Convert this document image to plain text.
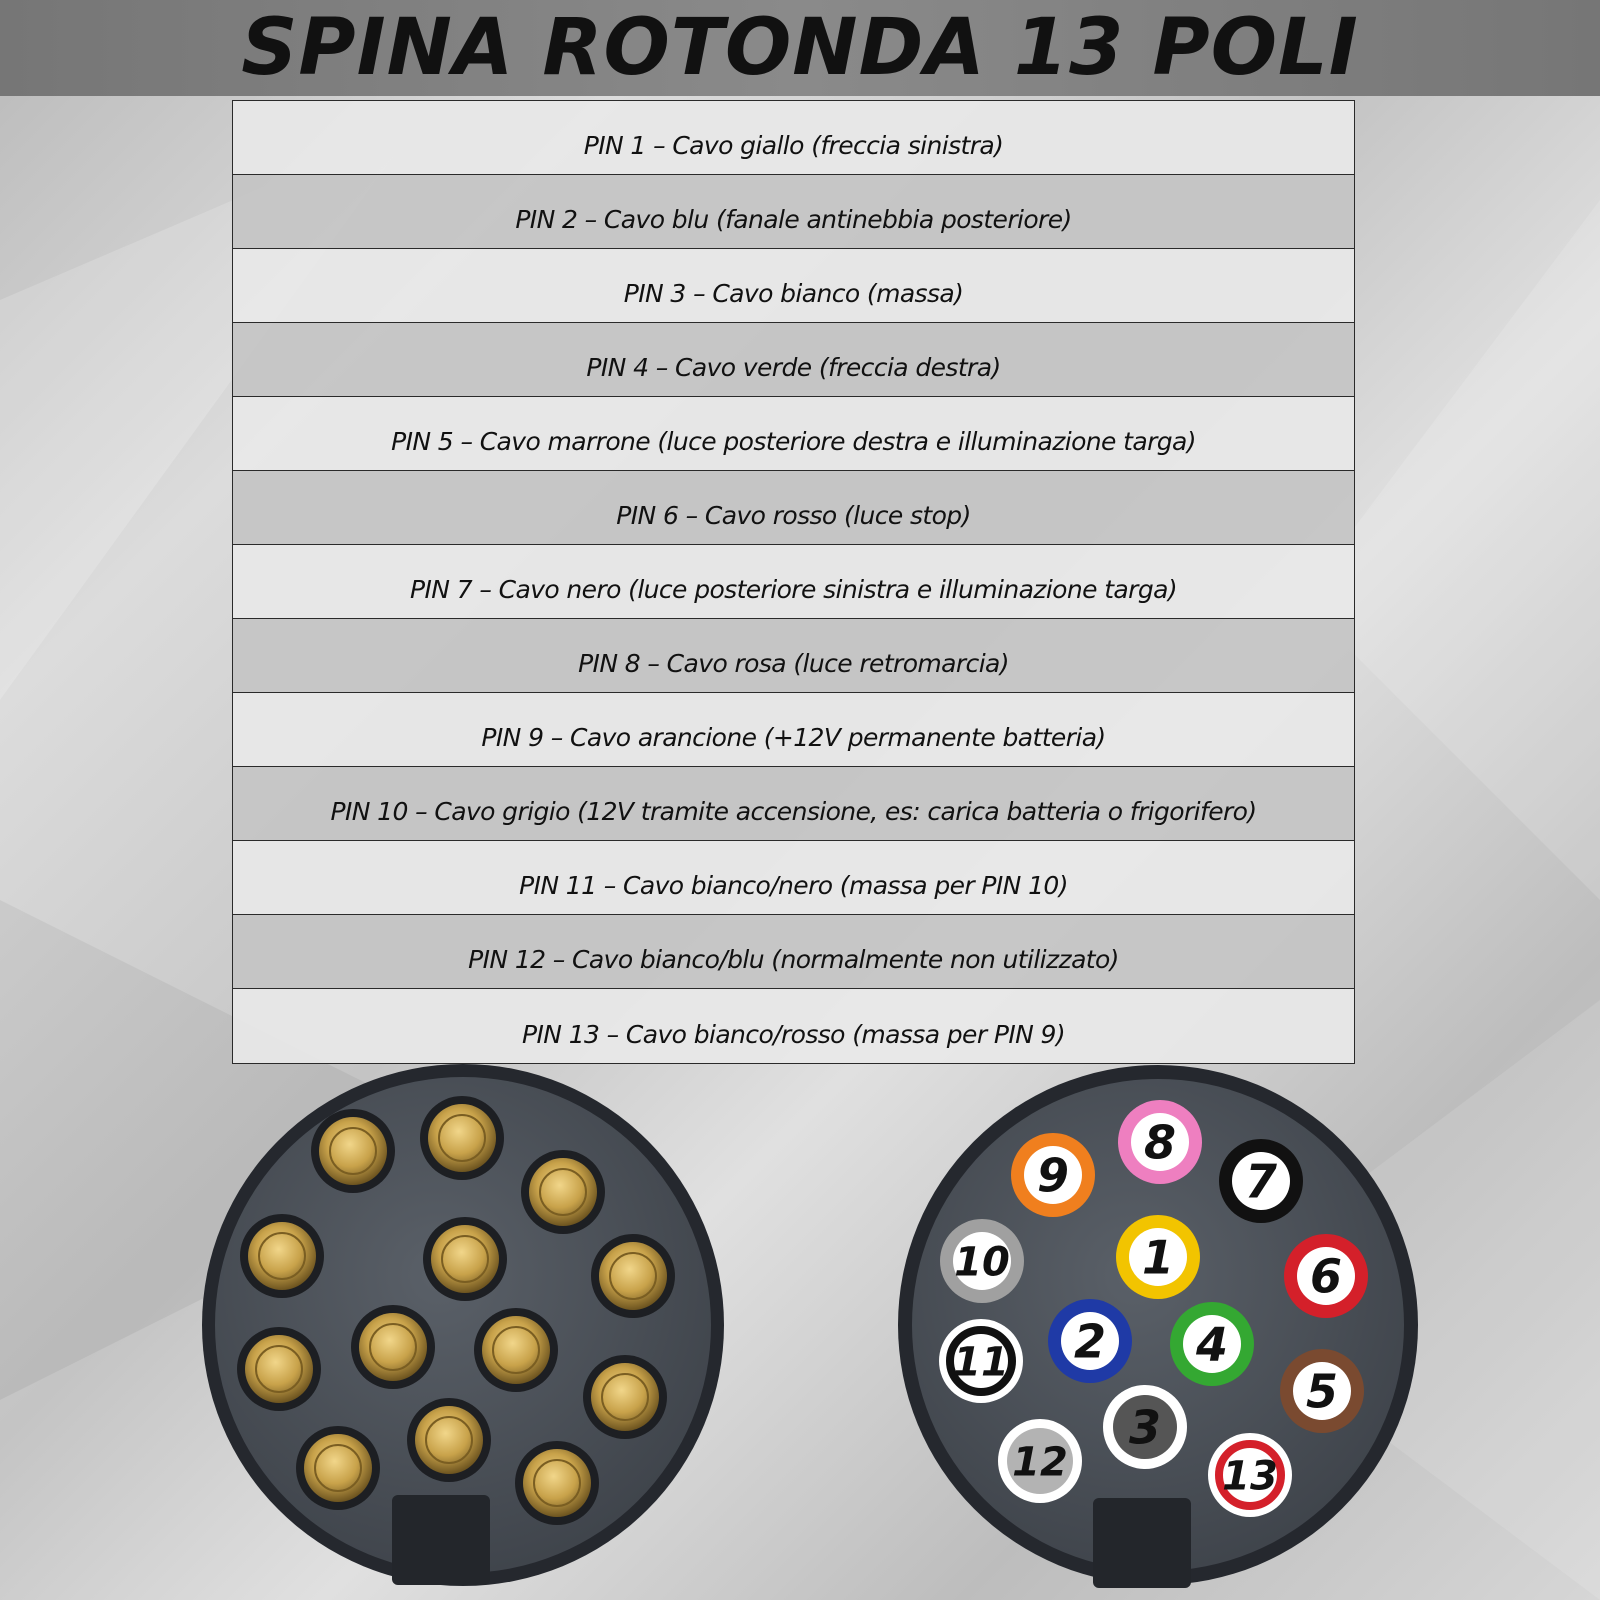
SPINA ROTONDA 13 POLI
PIN 1 – Cavo giallo (freccia sinistra)
PIN 2 – Cavo blu (fanale antinebbia posteriore)
PIN 3 – Cavo bianco (massa)
PIN 4 – Cavo verde (freccia destra)
PIN 5 – Cavo marrone (luce posteriore destra e illuminazione targa)
PIN 6 – Cavo rosso (luce stop)
PIN 7 – Cavo nero (luce posteriore sinistra e illuminazione targa)
PIN 8 – Cavo rosa (luce retromarcia)
PIN 9 – Cavo arancione (+12V permanente batteria)
PIN 10 – Cavo grigio (12V tramite accensione, es: carica batteria o frigorifero)
PIN 11 – Cavo bianco/nero (massa per PIN 10)
PIN 12 – Cavo bianco/blu (normalmente non utilizzato)
PIN 13 – Cavo bianco/rosso (massa per PIN 9)
1
2
3
4
5
6
7
8
9
10
11
12	13
